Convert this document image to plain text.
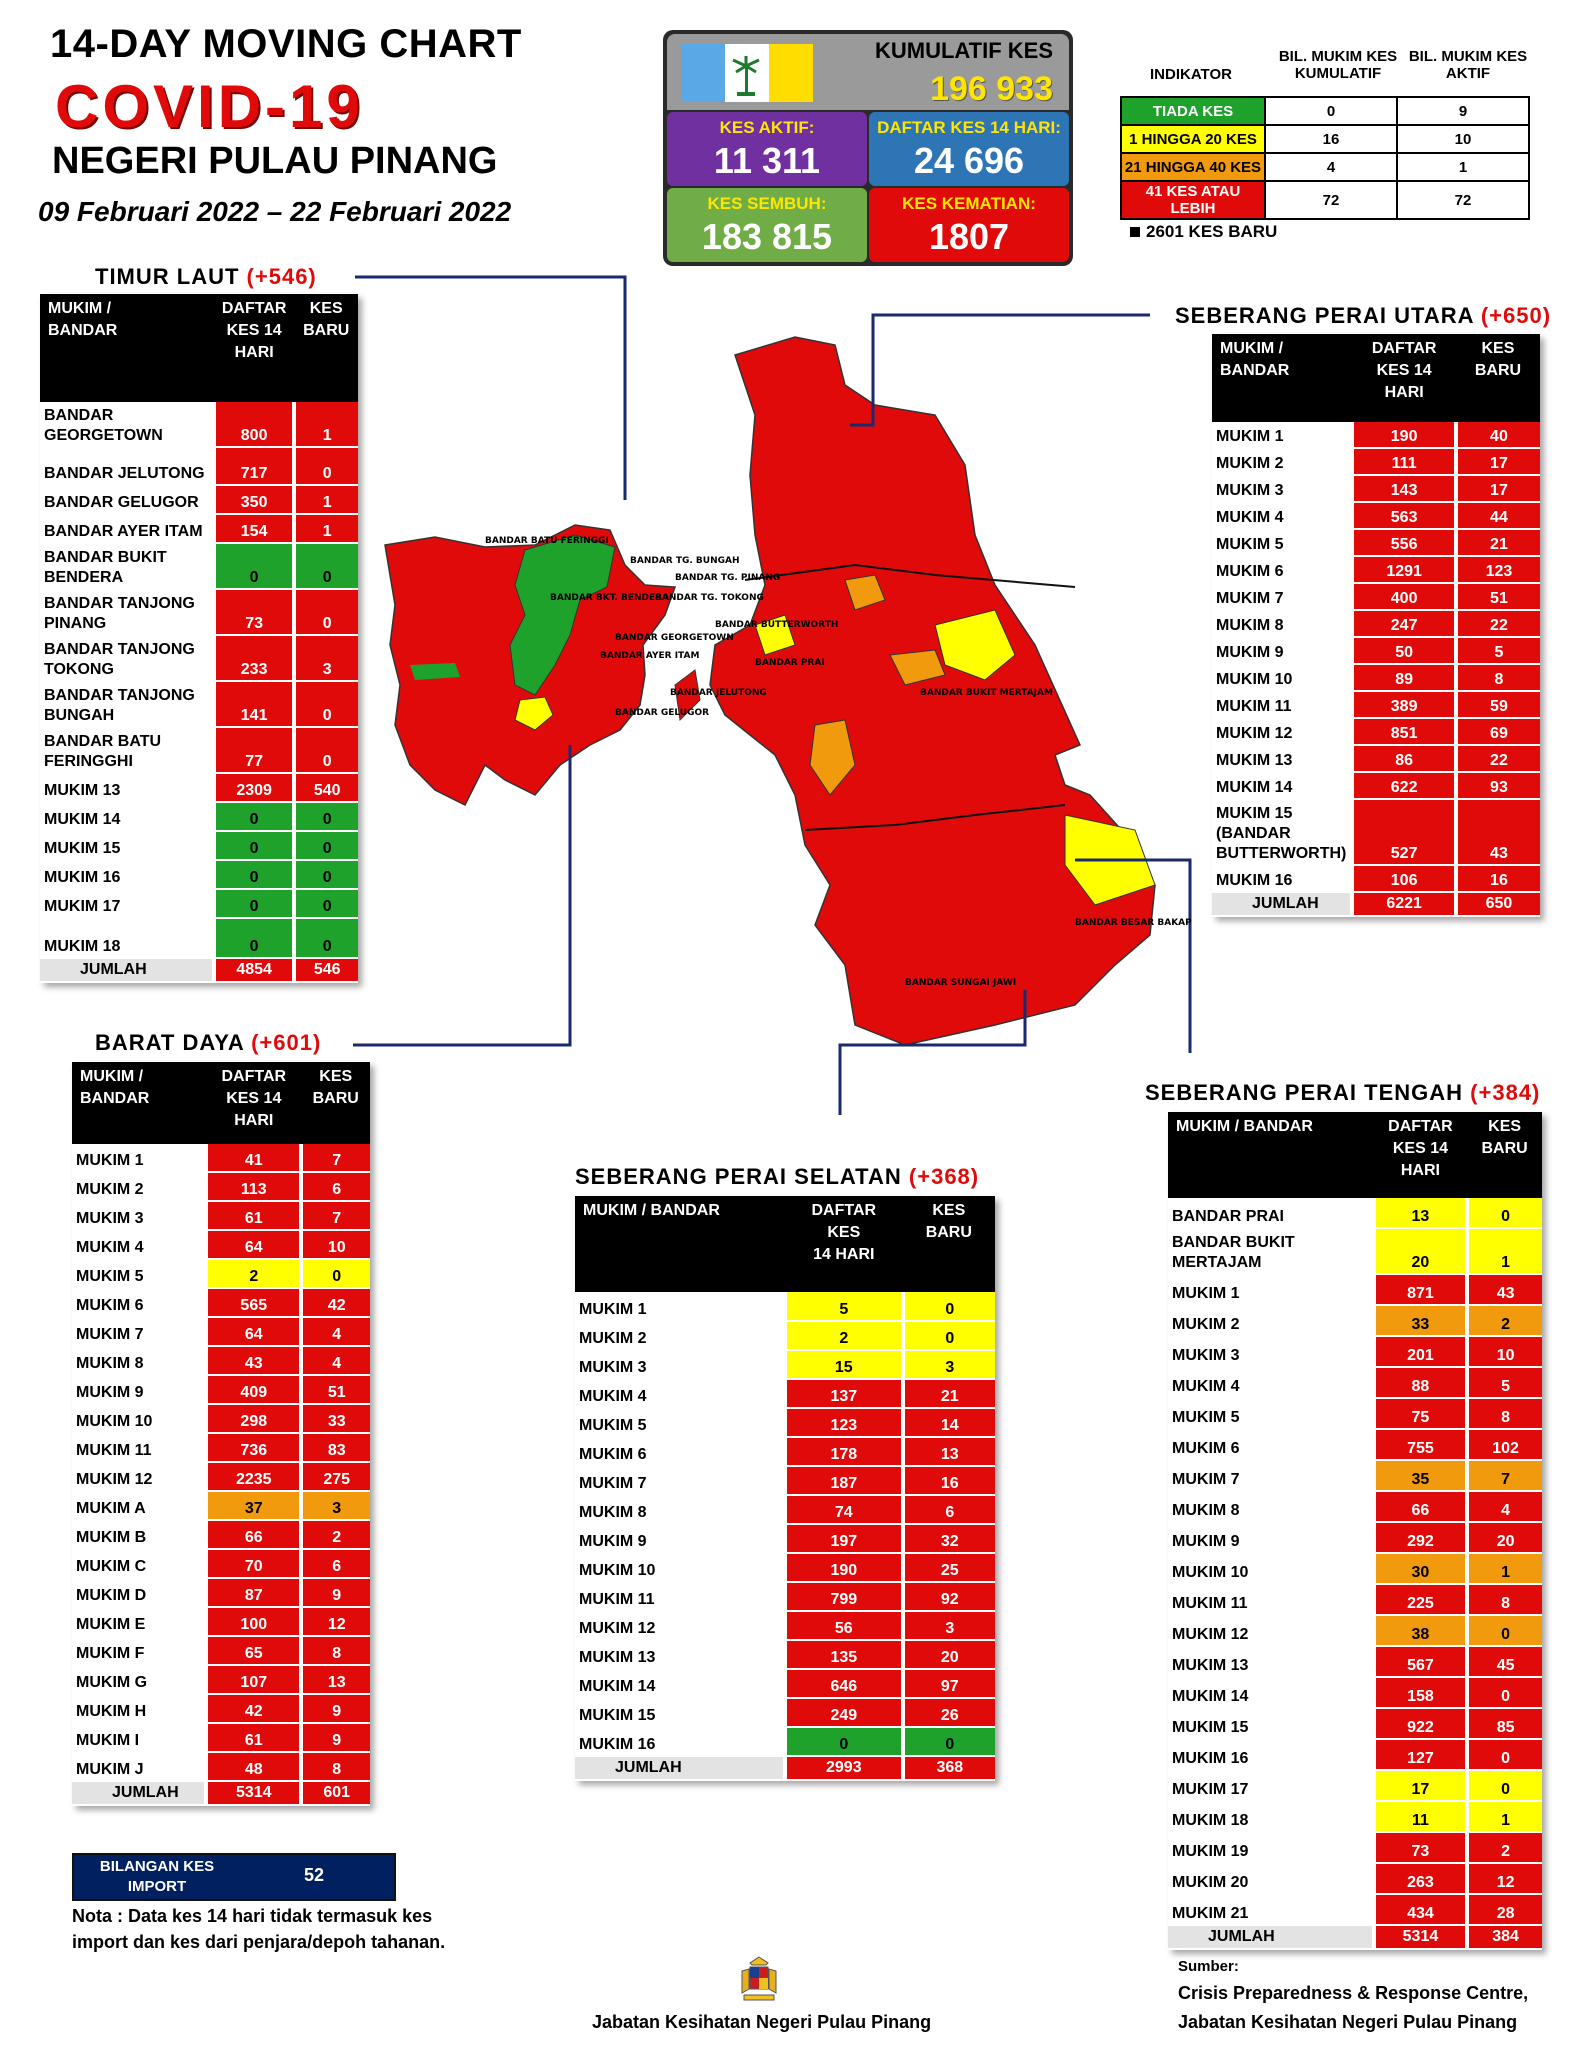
14-DAY MOVING CHART
COVID-19
NEGERI PULAU PINANG
09 Februari 2022 – 22 Februari 2022
KUMULATIF KES
196 933
KES AKTIF:
11 311
DAFTAR KES 14 HARI:
24 696
KES SEMBUH:
183 815
KES KEMATIAN:
1807
INDIKATOR
BIL. MUKIM KES KUMULATIF
BIL. MUKIM KES AKTIF
TIADA KES	0	9
1 HINGGA 20 KES	16	10
21 HINGGA 40 KES	4	1
41 KES ATAU LEBIH	72	72
2601 KES BARU
BANDAR BATU FERINGGI
BANDAR TG. BUNGAH
BANDAR TG. PINANG
BANDAR TG. TOKONG
BANDAR BKT. BENDERA
BANDAR GEORGETOWN
BANDAR AYER ITAM
BANDAR JELUTONG
BANDAR GELUGOR
BANDAR BUTTERWORTH
BANDAR PRAI
BANDAR BUKIT MERTAJAM
BANDAR BESAR BAKAP
BANDAR SUNGAI JAWI
TIMUR LAUT (+546)
MUKIM /
BANDAR	DAFTAR
KES 14
HARI	KES
BARU
BANDAR GEORGETOWN	800	1
BANDAR JELUTONG	717	0
BANDAR GELUGOR	350	1
BANDAR AYER ITAM	154	1
BANDAR BUKIT BENDERA	0	0
BANDAR TANJONG PINANG	73	0
BANDAR TANJONG TOKONG	233	3
BANDAR TANJONG BUNGAH	141	0
BANDAR BATU FERINGGHI	77	0
MUKIM 13	2309	540
MUKIM 14	0	0
MUKIM 15	0	0
MUKIM 16	0	0
MUKIM 17	0	0
MUKIM 18	0	0
JUMLAH	4854	546
SEBERANG PERAI UTARA (+650)
MUKIM /
BANDAR	DAFTAR
KES 14
HARI	KES
BARU
MUKIM 1	190	40
MUKIM 2	111	17
MUKIM 3	143	17
MUKIM 4	563	44
MUKIM 5	556	21
MUKIM 6	1291	123
MUKIM 7	400	51
MUKIM 8	247	22
MUKIM 9	50	5
MUKIM 10	89	8
MUKIM 11	389	59
MUKIM 12	851	69
MUKIM 13	86	22
MUKIM 14	622	93
MUKIM 15 (BANDAR BUTTERWORTH)	527	43
MUKIM 16	106	16
JUMLAH	6221	650
BARAT DAYA (+601)
MUKIM /
BANDAR	DAFTAR
KES 14
HARI	KES
BARU
MUKIM 1	41	7
MUKIM 2	113	6
MUKIM 3	61	7
MUKIM 4	64	10
MUKIM 5	2	0
MUKIM 6	565	42
MUKIM 7	64	4
MUKIM 8	43	4
MUKIM 9	409	51
MUKIM 10	298	33
MUKIM 11	736	83
MUKIM 12	2235	275
MUKIM A	37	3
MUKIM B	66	2
MUKIM C	70	6
MUKIM D	87	9
MUKIM E	100	12
MUKIM F	65	8
MUKIM G	107	13
MUKIM H	42	9
MUKIM I	61	9
MUKIM J	48	8
JUMLAH	5314	601
SEBERANG PERAI SELATAN (+368)
MUKIM / BANDAR	DAFTAR KES
14 HARI	KES
BARU
MUKIM 1	5	0
MUKIM 2	2	0
MUKIM 3	15	3
MUKIM 4	137	21
MUKIM 5	123	14
MUKIM 6	178	13
MUKIM 7	187	16
MUKIM 8	74	6
MUKIM 9	197	32
MUKIM 10	190	25
MUKIM 11	799	92
MUKIM 12	56	3
MUKIM 13	135	20
MUKIM 14	646	97
MUKIM 15	249	26
MUKIM 16	0	0
JUMLAH	2993	368
SEBERANG PERAI TENGAH (+384)
MUKIM / BANDAR	DAFTAR
KES 14
HARI	KES
BARU
BANDAR PRAI	13	0
BANDAR BUKIT MERTAJAM	20	1
MUKIM 1	871	43
MUKIM 2	33	2
MUKIM 3	201	10
MUKIM 4	88	5
MUKIM 5	75	8
MUKIM 6	755	102
MUKIM 7	35	7
MUKIM 8	66	4
MUKIM 9	292	20
MUKIM 10	30	1
MUKIM 11	225	8
MUKIM 12	38	0
MUKIM 13	567	45
MUKIM 14	158	0
MUKIM 15	922	85
MUKIM 16	127	0
MUKIM 17	17	0
MUKIM 18	11	1
MUKIM 19	73	2
MUKIM 20	263	12
MUKIM 21	434	28
JUMLAH	5314	384
BILANGAN KES IMPORT
52
Nota : Data kes 14 hari tidak termasuk kes import dan kes dari penjara/depoh tahanan.
Jabatan Kesihatan Negeri Pulau Pinang
Sumber:
Crisis Preparedness & Response Centre,
Jabatan Kesihatan Negeri Pulau Pinang
